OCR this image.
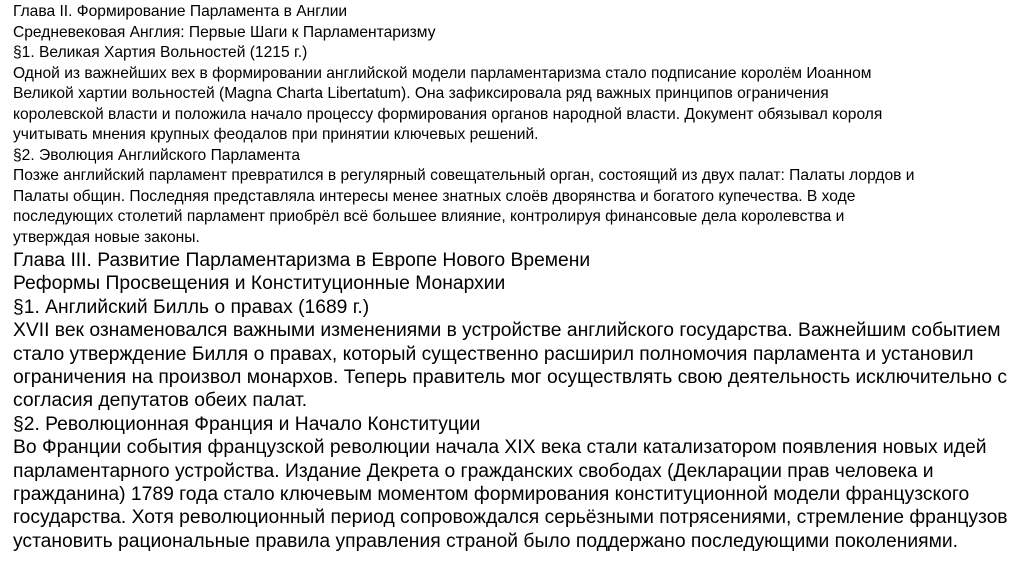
Глава II. Формирование Парламента в Англии
Средневековая Англия: Первые Шаги к Парламентаризму
§1. Великая Хартия Вольностей (1215 г.)
Одной из важнейших вех в формировании английской модели парламентаризма стало подписание королём Иоанном
Великой хартии вольностей (Magna Charta Libertatum). Она зафиксировала ряд важных принципов ограничения
королевской власти и положила начало процессу формирования органов народной власти. Документ обязывал короля
учитывать мнения крупных феодалов при принятии ключевых решений.
§2. Эволюция Английского Парламента
Позже английский парламент превратился в регулярный совещательный орган, состоящий из двух палат: Палаты лордов и
Палаты общин. Последняя представляла интересы менее знатных слоёв дворянства и богатого купечества. В ходе
последующих столетий парламент приобрёл всё большее влияние, контролируя финансовые дела королевства и
утверждая новые законы.
Глава III. Развитие Парламентаризма в Европе Нового Времени
Реформы Просвещения и Конституционные Монархии
§1. Английский Билль о правах (1689 г.)
XVII век ознаменовался важными изменениями в устройстве английского государства. Важнейшим событием
стало утверждение Билля о правах, который существенно расширил полномочия парламента и установил
ограничения на произвол монархов. Теперь правитель мог осуществлять свою деятельность исключительно с
согласия депутатов обеих палат.
§2. Революционная Франция и Начало Конституции
Во Франции события французской революции начала XIX века стали катализатором появления новых идей
парламентарного устройства. Издание Декрета о гражданских свободах (Декларации прав человека и
гражданина) 1789 года стало ключевым моментом формирования конституционной модели французского
государства. Хотя революционный период сопровождался серьёзными потрясениями, стремление французов
установить рациональные правила управления страной было поддержано последующими поколениями.
